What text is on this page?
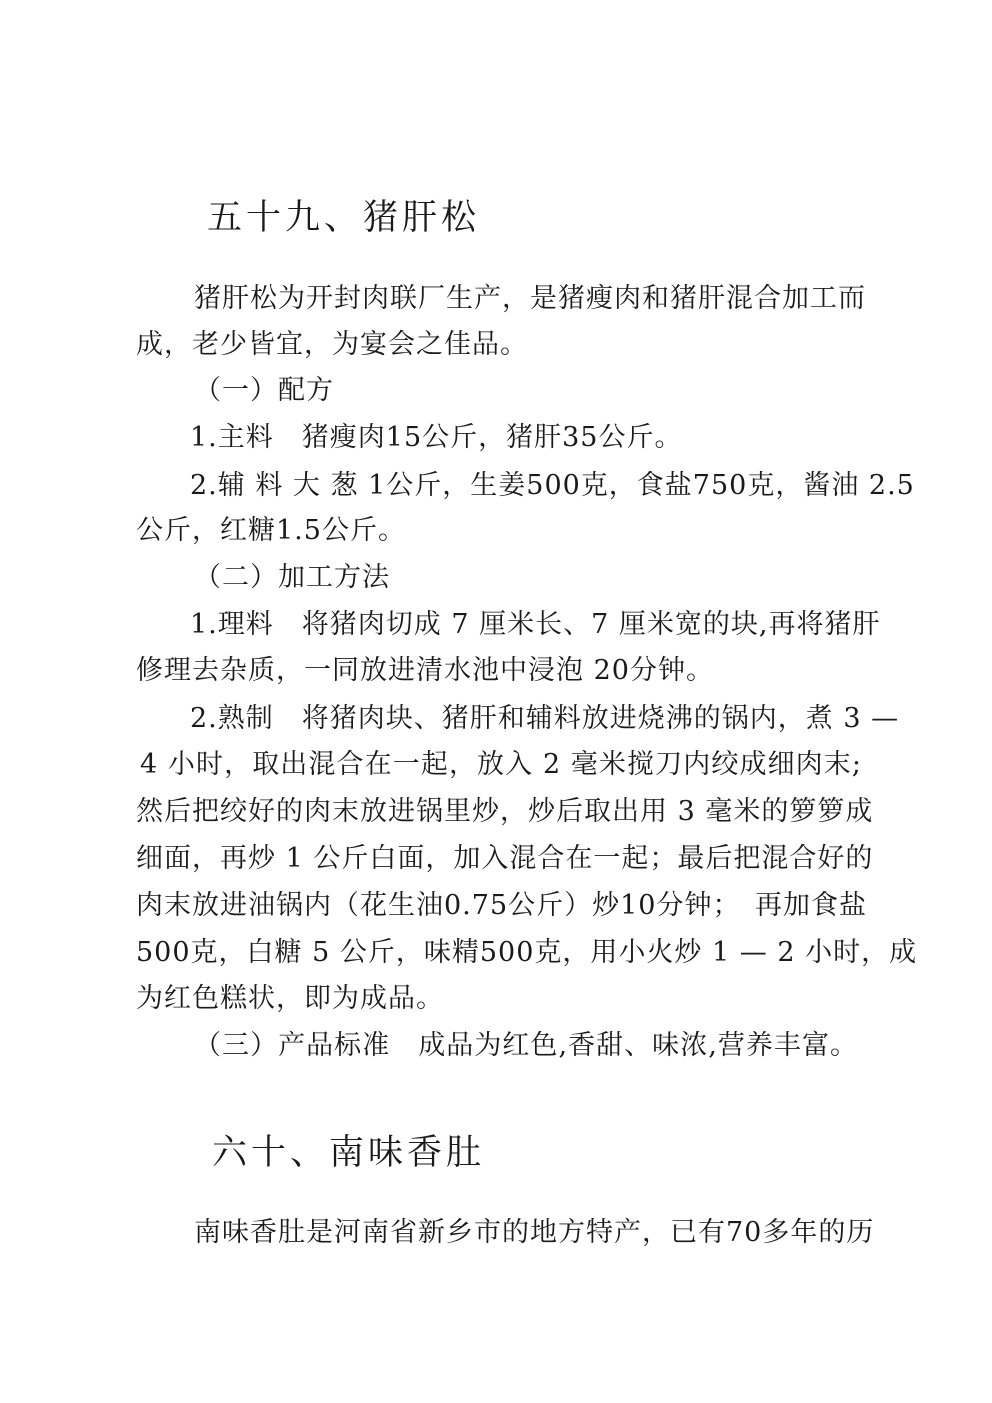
五十九、猪肝松
猪肝松为开封肉联厂生产，是猪瘦肉和猪肝混合加工而
成，老少皆宜，为宴会之佳品。
（一）配方
1.主料　猪瘦肉15公斤，猪肝35公斤。
2.辅 料 大 葱 1公斤，生姜500克，食盐750克，酱油 2.5
公斤，红糖1.5公斤。
（二）加工方法
1.理料　将猪肉切成 7 厘米长、7 厘米宽的块,再将猪肝
修理去杂质，一同放进清水池中浸泡 20分钟。
2.熟制　将猪肉块、猪肝和辅料放进烧沸的锅内，煮 3 —
4 小时，取出混合在一起，放入 2 毫米搅刀内绞成细肉末;
然后把绞好的肉末放进锅里炒，炒后取出用 3 毫米的箩箩成
细面，再炒 1 公斤白面，加入混合在一起；最后把混合好的
肉末放进油锅内（花生油0.75公斤）炒10分钟；　再加食盐
500克，白糖 5 公斤，味精500克，用小火炒 1 — 2 小时，成
为红色糕状，即为成品。
（三）产品标准　成品为红色,香甜、味浓,营养丰富。
六十、南味香肚
南味香肚是河南省新乡市的地方特产，已有70多年的历
